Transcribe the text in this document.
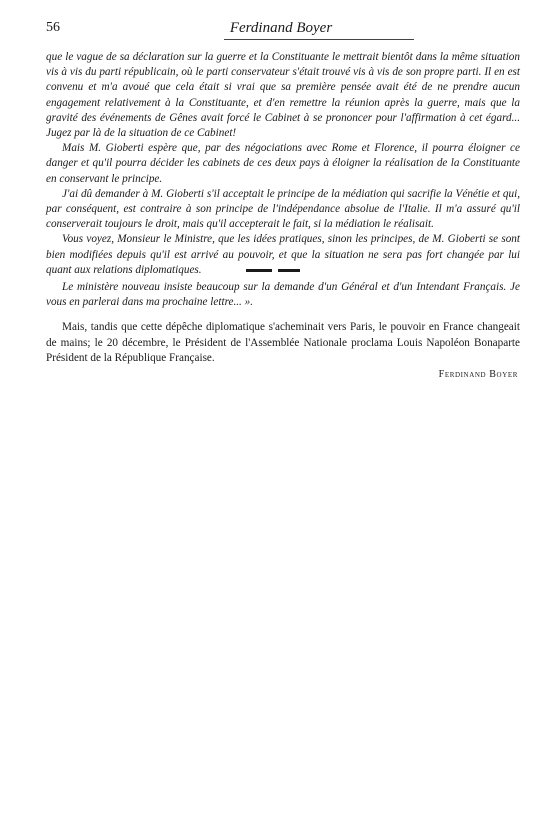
56	Ferdinand Boyer

que le vague de sa déclaration sur la guerre et la Constituante le mettrait bientôt dans la même situation vis à vis du parti républicain, où le parti conservateur s'était trouvé vis à vis de son propre parti. Il en est convenu et m'a avoué que cela était si vrai que sa première pensée avait été de ne prendre aucun engagement relativement à la Constituante, et d'en remettre la réunion après la guerre, mais que la gravité des événements de Gênes avait forcé le Cabinet à se prononcer pour l'affirmation à cet égard... Jugez par là de la situation de ce Cabinet!

Mais M. Gioberti espère que, par des négociations avec Rome et Florence, il pourra éloigner ce danger et qu'il pourra décider les cabinets de ces deux pays à éloigner la réalisation de la Constituante en conservant le principe.

J'ai dû demander à M. Gioberti s'il acceptait le principe de la médiation qui sacrifie la Vénétie et qui, par conséquent, est contraire à son principe de l'indépendance absolue de l'Italie. Il m'a assuré qu'il conserverait toujours le droit, mais qu'il accepterait le fait, si la médiation le réalisait.

Vous voyez, Monsieur le Ministre, que les idées pratiques, sinon les principes, de M. Gioberti se sont bien modifiées depuis qu'il est arrivé au pouvoir, et que la situation ne sera pas fort changée par lui quant aux relations diplomatiques.

Le ministère nouveau insiste beaucoup sur la demande d'un Général et d'un Intendant Français. Je vous en parlerai dans ma prochaine lettre... ».

Mais, tandis que cette dépêche diplomatique s'acheminait vers Paris, le pouvoir en France changeait de mains; le 20 décembre, le Président de l'Assemblée Nationale proclama Louis Napoléon Bonaparte Président de la République Française.

Ferdinand Boyer
